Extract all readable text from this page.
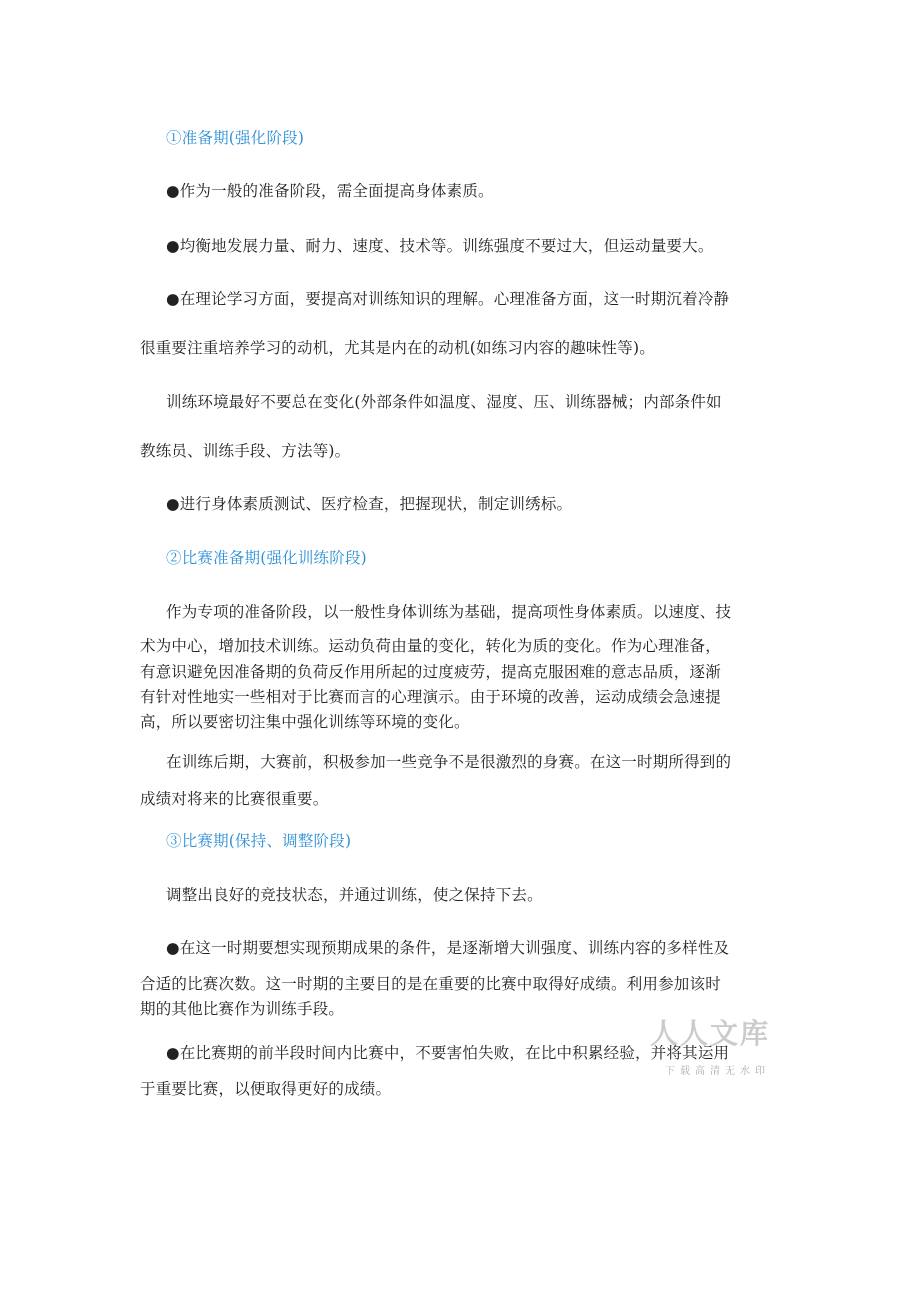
①准备期(强化阶段)
●作为一般的准备阶段，需全面提高身体素质。
●均衡地发展力量、耐力、速度、技术等。训练强度不要过大，但运动量要大。
●在理论学习方面，要提高对训练知识的理解。心理准备方面，这一时期沉着冷静
很重要注重培养学习的动机，尤其是内在的动机(如练习内容的趣味性等)。
训练环境最好不要总在变化(外部条件如温度、湿度、压、训练器械；内部条件如
教练员、训练手段、方法等)。
●进行身体素质测试、医疗检查，把握现状，制定训绣标。
②比赛准备期(强化训练阶段)
作为专项的准备阶段，以一般性身体训练为基础，提高项性身体素质。以速度、技
术为中心，增加技术训练。运动负荷由量的变化，转化为质的变化。作为心理准备，
有意识避免因准备期的负荷反作用所起的过度疲劳，提高克服困难的意志品质，逐渐
有针对性地实一些相对于比赛而言的心理演示。由于环境的改善，运动成绩会急速提
高，所以要密切注集中强化训练等环境的变化。
在训练后期，大赛前，积极参加一些竞争不是很激烈的身赛。在这一时期所得到的
成绩对将来的比赛很重要。
③比赛期(保持、调整阶段)
调整出良好的竞技状态，并通过训练，使之保持下去。
●在这一时期要想实现预期成果的条件，是逐渐增大训强度、训练内容的多样性及
合适的比赛次数。这一时期的主要目的是在重要的比赛中取得好成绩。利用参加该时
期的其他比赛作为训练手段。
●在比赛期的前半段时间内比赛中，不要害怕失败，在比中积累经验，并将其运用
于重要比赛，以便取得更好的成绩。
人人文库
下载高清无水印
